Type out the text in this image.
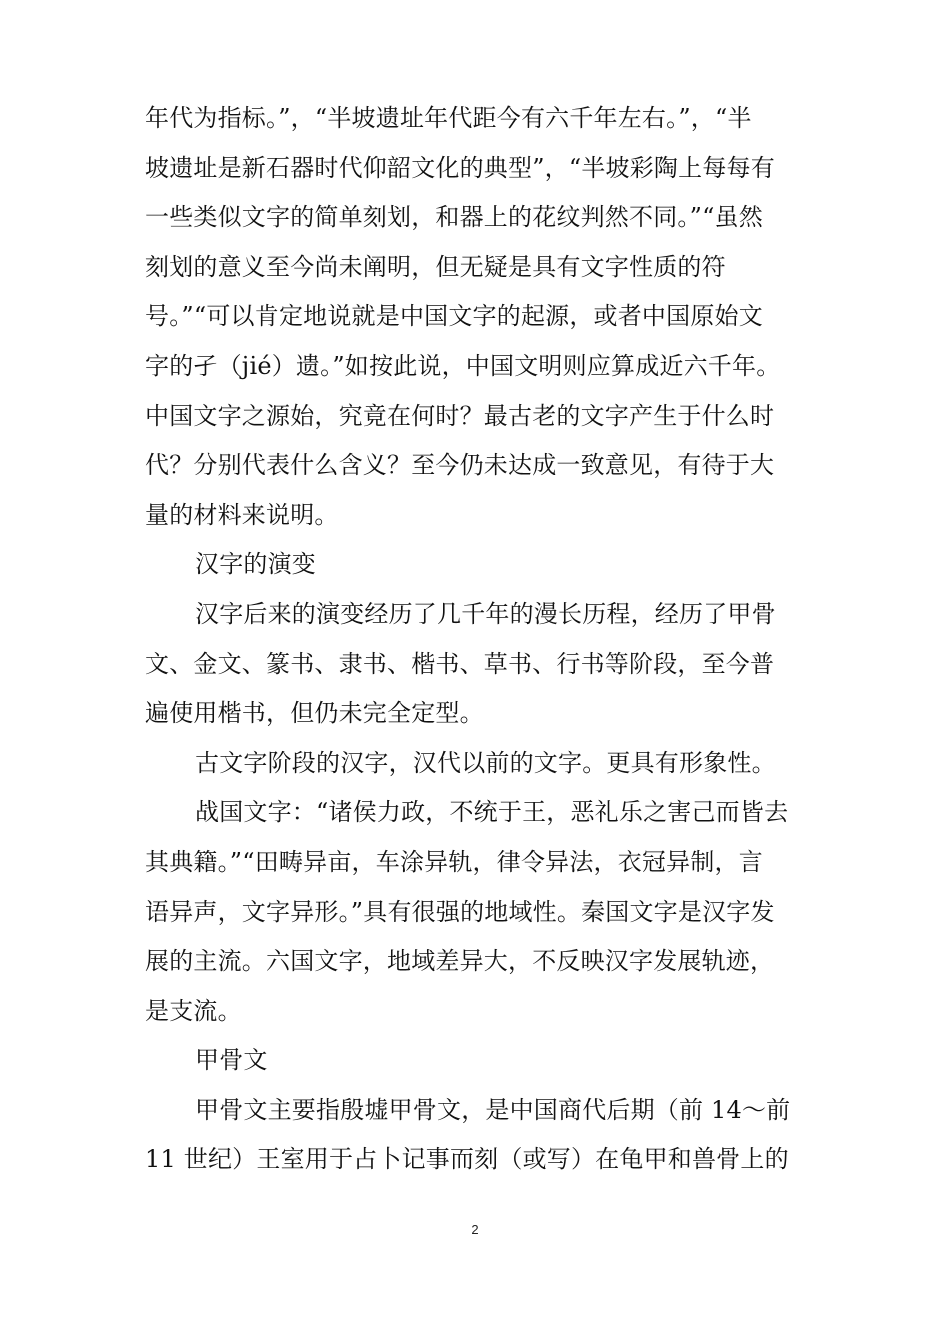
年代为指标。”，“半坡遗址年代距今有六千年左右。”，“半
坡遗址是新石器时代仰韶文化的典型”，“半坡彩陶上每每有
一些类似文字的简单刻划，和器上的花纹判然不同。”“虽然
刻划的意义至今尚未阐明，但无疑是具有文字性质的符
号。”“可以肯定地说就是中国文字的起源，或者中国原始文
字的孑（jié）遗。”如按此说，中国文明则应算成近六千年。
中国文字之源始，究竟在何时？最古老的文字产生于什么时
代？分别代表什么含义？至今仍未达成一致意见，有待于大
量的材料来说明。
汉字的演变
汉字后来的演变经历了几千年的漫长历程，经历了甲骨
文、金文、篆书、隶书、楷书、草书、行书等阶段，至今普
遍使用楷书，但仍未完全定型。
古文字阶段的汉字，汉代以前的文字。更具有形象性。
战国文字：“诸侯力政，不统于王，恶礼乐之害己而皆去
其典籍。”“田畴异亩，车涂异轨，律令异法，衣冠异制，言
语异声，文字异形。”具有很强的地域性。秦国文字是汉字发
展的主流。六国文字，地域差异大，不反映汉字发展轨迹，
是支流。
甲骨文
甲骨文主要指殷墟甲骨文，是中国商代后期（前 14～前
11 世纪）王室用于占卜记事而刻（或写）在龟甲和兽骨上的
2
